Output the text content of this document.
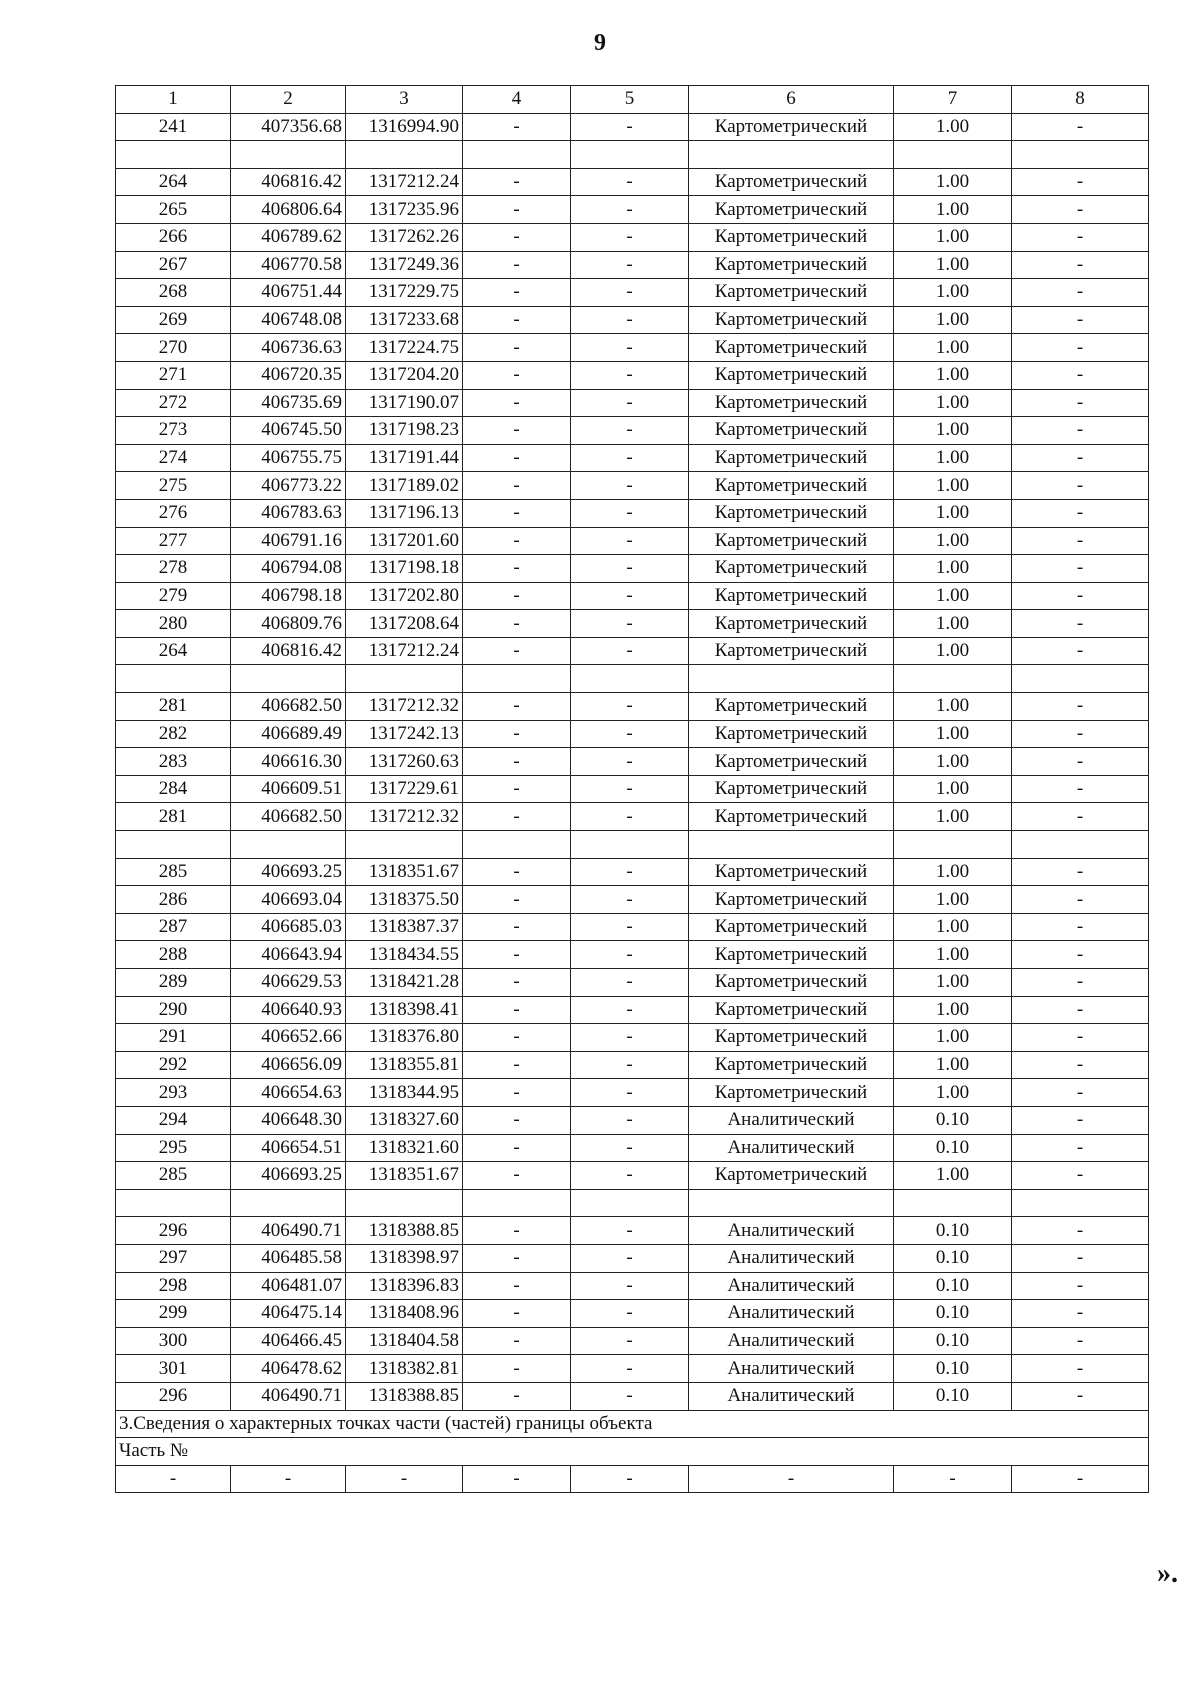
9
1	2	3	4	5	6	7	8
241	407356.68	1316994.90	-	-	Картометрический	1.00	-

264	406816.42	1317212.24	-	-	Картометрический	1.00	-
265	406806.64	1317235.96	-	-	Картометрический	1.00	-
266	406789.62	1317262.26	-	-	Картометрический	1.00	-
267	406770.58	1317249.36	-	-	Картометрический	1.00	-
268	406751.44	1317229.75	-	-	Картометрический	1.00	-
269	406748.08	1317233.68	-	-	Картометрический	1.00	-
270	406736.63	1317224.75	-	-	Картометрический	1.00	-
271	406720.35	1317204.20	-	-	Картометрический	1.00	-
272	406735.69	1317190.07	-	-	Картометрический	1.00	-
273	406745.50	1317198.23	-	-	Картометрический	1.00	-
274	406755.75	1317191.44	-	-	Картометрический	1.00	-
275	406773.22	1317189.02	-	-	Картометрический	1.00	-
276	406783.63	1317196.13	-	-	Картометрический	1.00	-
277	406791.16	1317201.60	-	-	Картометрический	1.00	-
278	406794.08	1317198.18	-	-	Картометрический	1.00	-
279	406798.18	1317202.80	-	-	Картометрический	1.00	-
280	406809.76	1317208.64	-	-	Картометрический	1.00	-
264	406816.42	1317212.24	-	-	Картометрический	1.00	-

281	406682.50	1317212.32	-	-	Картометрический	1.00	-
282	406689.49	1317242.13	-	-	Картометрический	1.00	-
283	406616.30	1317260.63	-	-	Картометрический	1.00	-
284	406609.51	1317229.61	-	-	Картометрический	1.00	-
281	406682.50	1317212.32	-	-	Картометрический	1.00	-

285	406693.25	1318351.67	-	-	Картометрический	1.00	-
286	406693.04	1318375.50	-	-	Картометрический	1.00	-
287	406685.03	1318387.37	-	-	Картометрический	1.00	-
288	406643.94	1318434.55	-	-	Картометрический	1.00	-
289	406629.53	1318421.28	-	-	Картометрический	1.00	-
290	406640.93	1318398.41	-	-	Картометрический	1.00	-
291	406652.66	1318376.80	-	-	Картометрический	1.00	-
292	406656.09	1318355.81	-	-	Картометрический	1.00	-
293	406654.63	1318344.95	-	-	Картометрический	1.00	-
294	406648.30	1318327.60	-	-	Аналитический	0.10	-
295	406654.51	1318321.60	-	-	Аналитический	0.10	-
285	406693.25	1318351.67	-	-	Картометрический	1.00	-

296	406490.71	1318388.85	-	-	Аналитический	0.10	-
297	406485.58	1318398.97	-	-	Аналитический	0.10	-
298	406481.07	1318396.83	-	-	Аналитический	0.10	-
299	406475.14	1318408.96	-	-	Аналитический	0.10	-
300	406466.45	1318404.58	-	-	Аналитический	0.10	-
301	406478.62	1318382.81	-	-	Аналитический	0.10	-
296	406490.71	1318388.85	-	-	Аналитический	0.10	-
3.Сведения о характерных точках части (частей) границы объекта							
Часть №							
-	-	-	-	-	-	-	-
».
